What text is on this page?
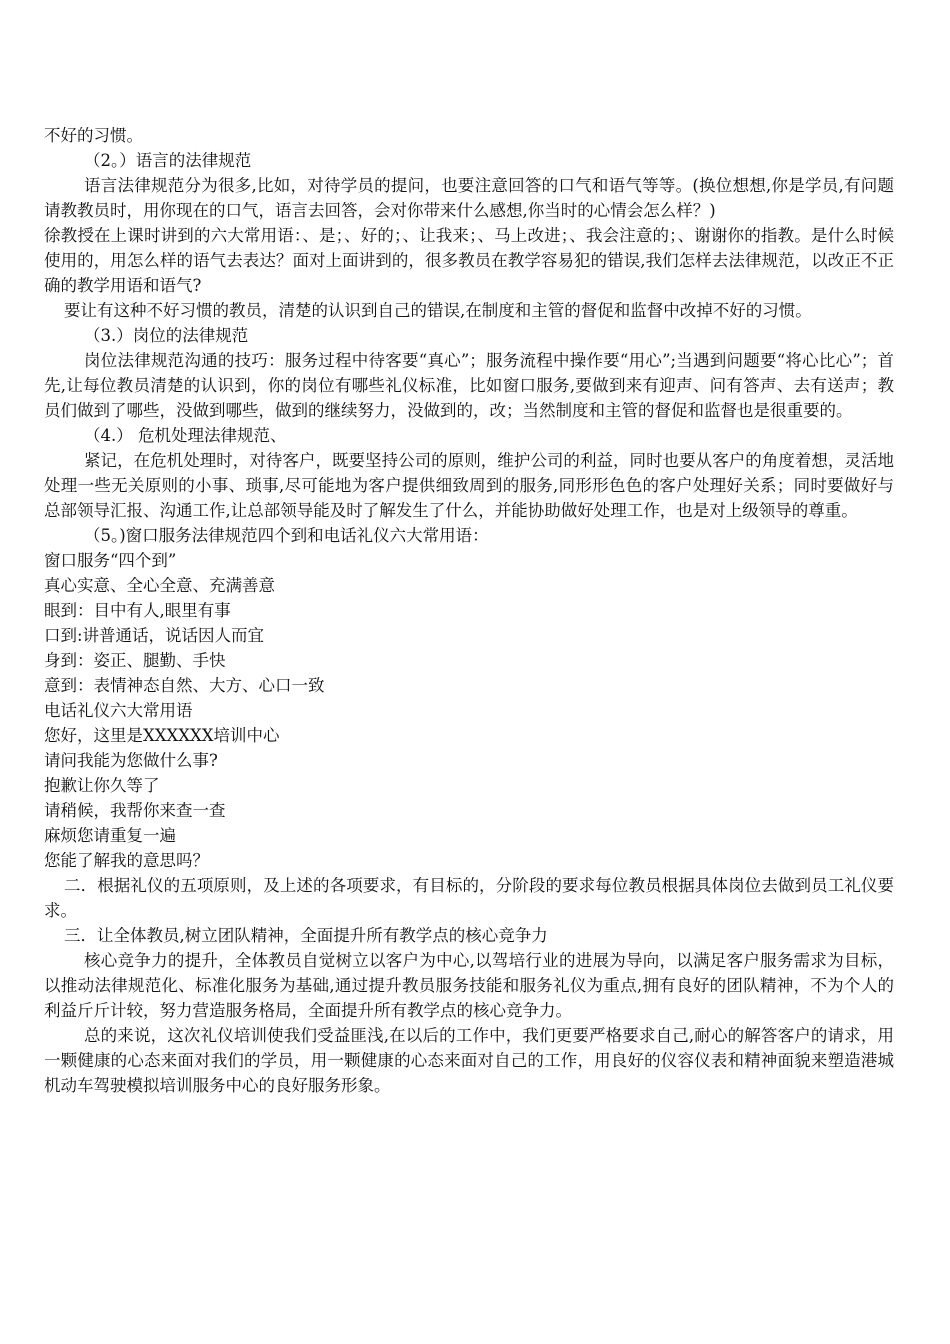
不好的习惯。

（2。）语言的法律规范

语言法律规范分为很多,比如，对待学员的提问，也要注意回答的口气和语气等等。(换位想想,你是学员,有问题请教教员时，用你现在的口气，语言去回答，会对你带来什么感想,你当时的心情会怎么样？)

徐教授在上课时讲到的六大常用语：、是；、好的；、让我来；、马上改进；、我会注意的；、谢谢你的指教。是什么时候使用的，用怎么样的语气去表达？面对上面讲到的，很多教员在教学容易犯的错误,我们怎样去法律规范，以改正不正确的教学用语和语气?

要让有这种不好习惯的教员，清楚的认识到自己的错误,在制度和主管的督促和监督中改掉不好的习惯。

（3.）岗位的法律规范

岗位法律规范沟通的技巧：服务过程中待客要“真心”；服务流程中操作要“用心”;当遇到问题要“将心比心”；首先,让每位教员清楚的认识到，你的岗位有哪些礼仪标准，比如窗口服务,要做到来有迎声、问有答声、去有送声；教员们做到了哪些，没做到哪些，做到的继续努力，没做到的，改；当然制度和主管的督促和监督也是很重要的。

（4.） 危机处理法律规范、

紧记，在危机处理时，对待客户，既要坚持公司的原则，维护公司的利益，同时也要从客户的角度着想，灵活地处理一些无关原则的小事、琐事,尽可能地为客户提供细致周到的服务,同形形色色的客户处理好关系；同时要做好与总部领导汇报、沟通工作,让总部领导能及时了解发生了什么，并能协助做好处理工作，也是对上级领导的尊重。

（5。)窗口服务法律规范四个到和电话礼仪六大常用语：

窗口服务“四个到”

真心实意、全心全意、充满善意

眼到：目中有人,眼里有事

口到:讲普通话，说话因人而宜

身到：姿正、腿勤、手快

意到：表情神态自然、大方、心口一致

电话礼仪六大常用语

您好，这里是XXXXXX培训中心

请问我能为您做什么事?

抱歉让你久等了

请稍候，我帮你来查一查

麻烦您请重复一遍

您能了解我的意思吗？

二．根据礼仪的五项原则，及上述的各项要求，有目标的，分阶段的要求每位教员根据具体岗位去做到员工礼仪要求。

三．让全体教员,树立团队精神，全面提升所有教学点的核心竞争力

核心竞争力的提升，全体教员自觉树立以客户为中心,以驾培行业的进展为导向，以满足客户服务需求为目标，以推动法律规范化、标准化服务为基础,通过提升教员服务技能和服务礼仪为重点,拥有良好的团队精神，不为个人的利益斤斤计较，努力营造服务格局，全面提升所有教学点的核心竞争力。

总的来说，这次礼仪培训使我们受益匪浅,在以后的工作中，我们更要严格要求自己,耐心的解答客户的请求，用一颗健康的心态来面对我们的学员，用一颗健康的心态来面对自己的工作，用良好的仪容仪表和精神面貌来塑造港城机动车驾驶模拟培训服务中心的良好服务形象。
